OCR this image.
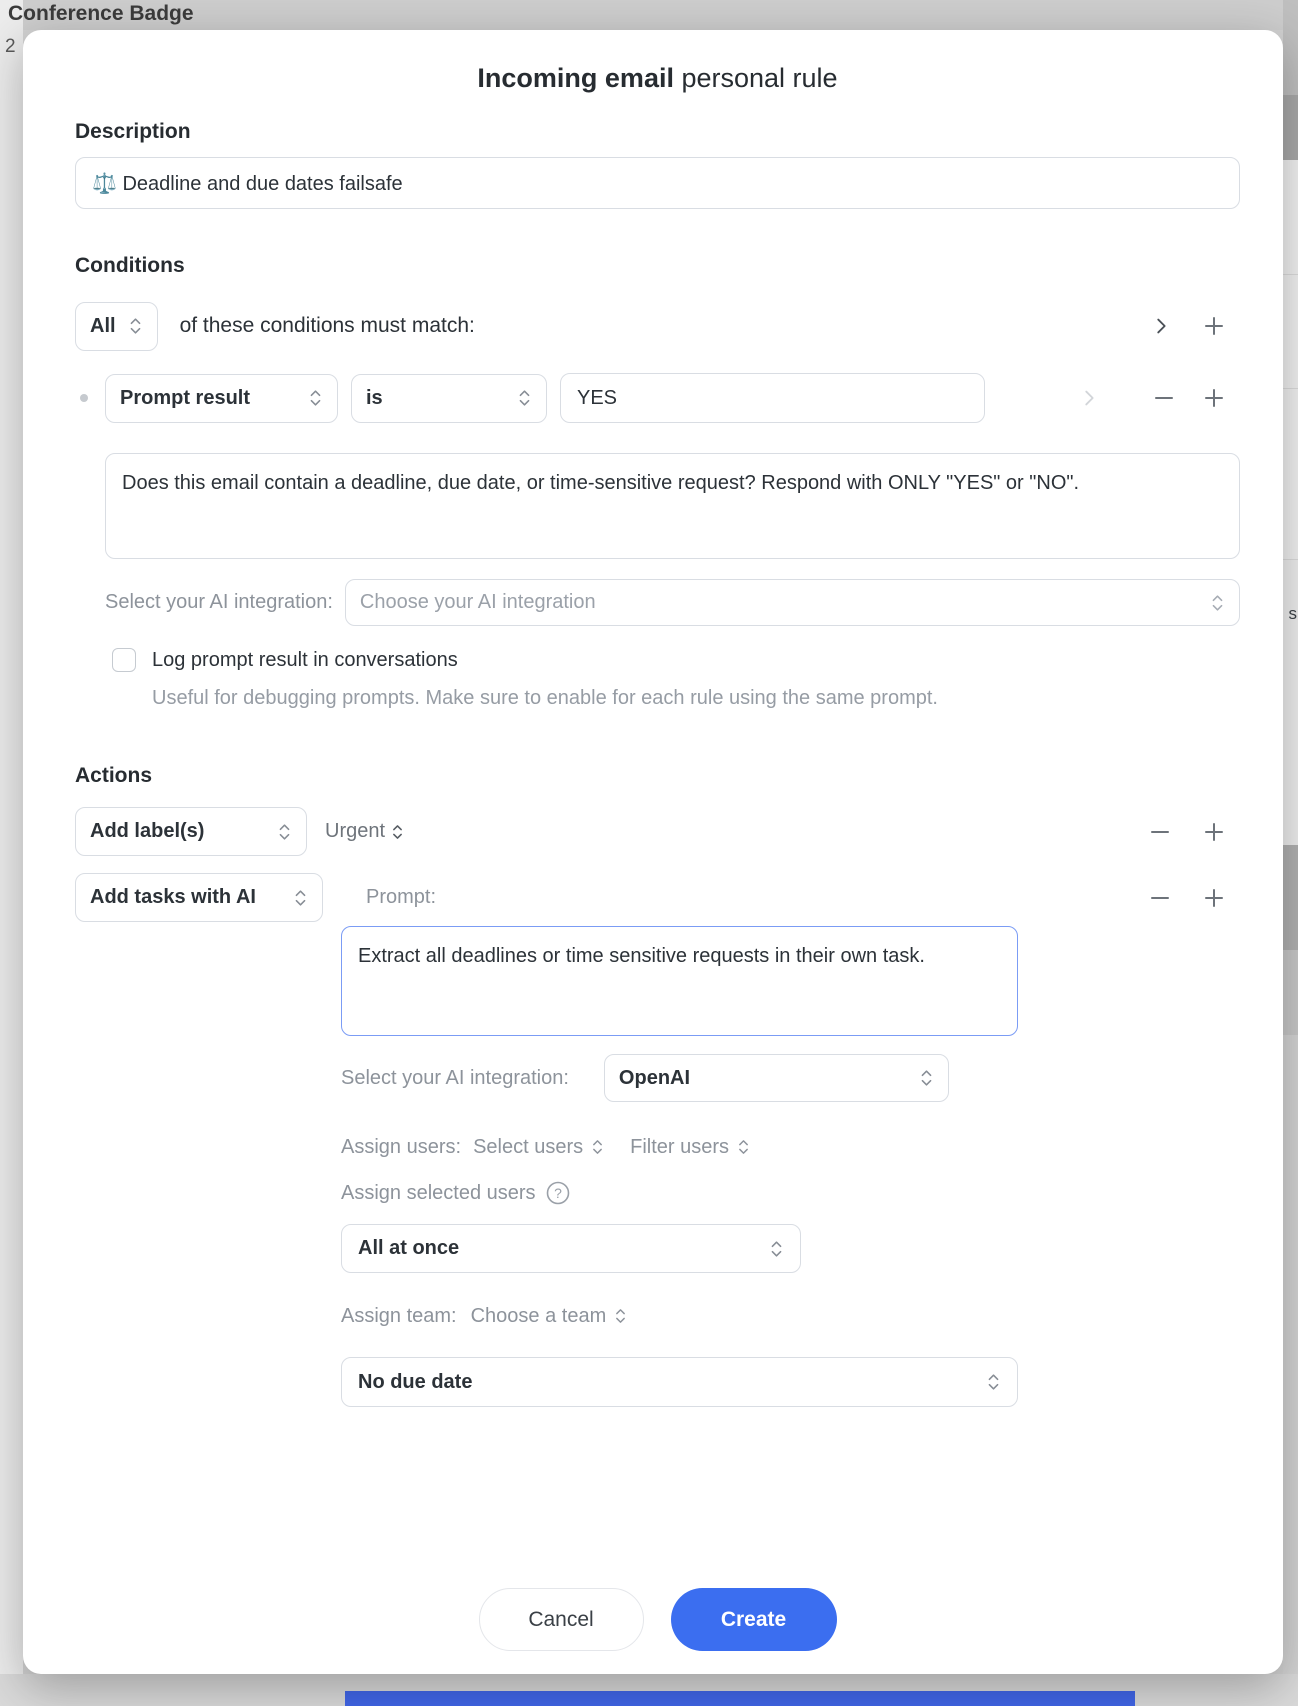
Conference Badge
2
s
Incoming email personal rule
Description
⚖️ Deadline and due dates failsafe
Conditions
All	of these conditions must match:
Prompt result	is
YES
Does this email contain a deadline, due date, or time-sensitive request? Respond with ONLY "YES" or "NO".
Select your AI integration: Choose your AI integration
Log prompt result in conversations
Useful for debugging prompts. Make sure to enable for each rule using the same prompt.
Actions
Add label(s)	Urgent
Add tasks with AI	Prompt:
Extract all deadlines or time sensitive requests in their own task.
Select your AI integration:	OpenAI
Assign users: Select users Filter users
Assign selected users ?
All at once
Assign team: Choose a team
No due date
Cancel	Create
